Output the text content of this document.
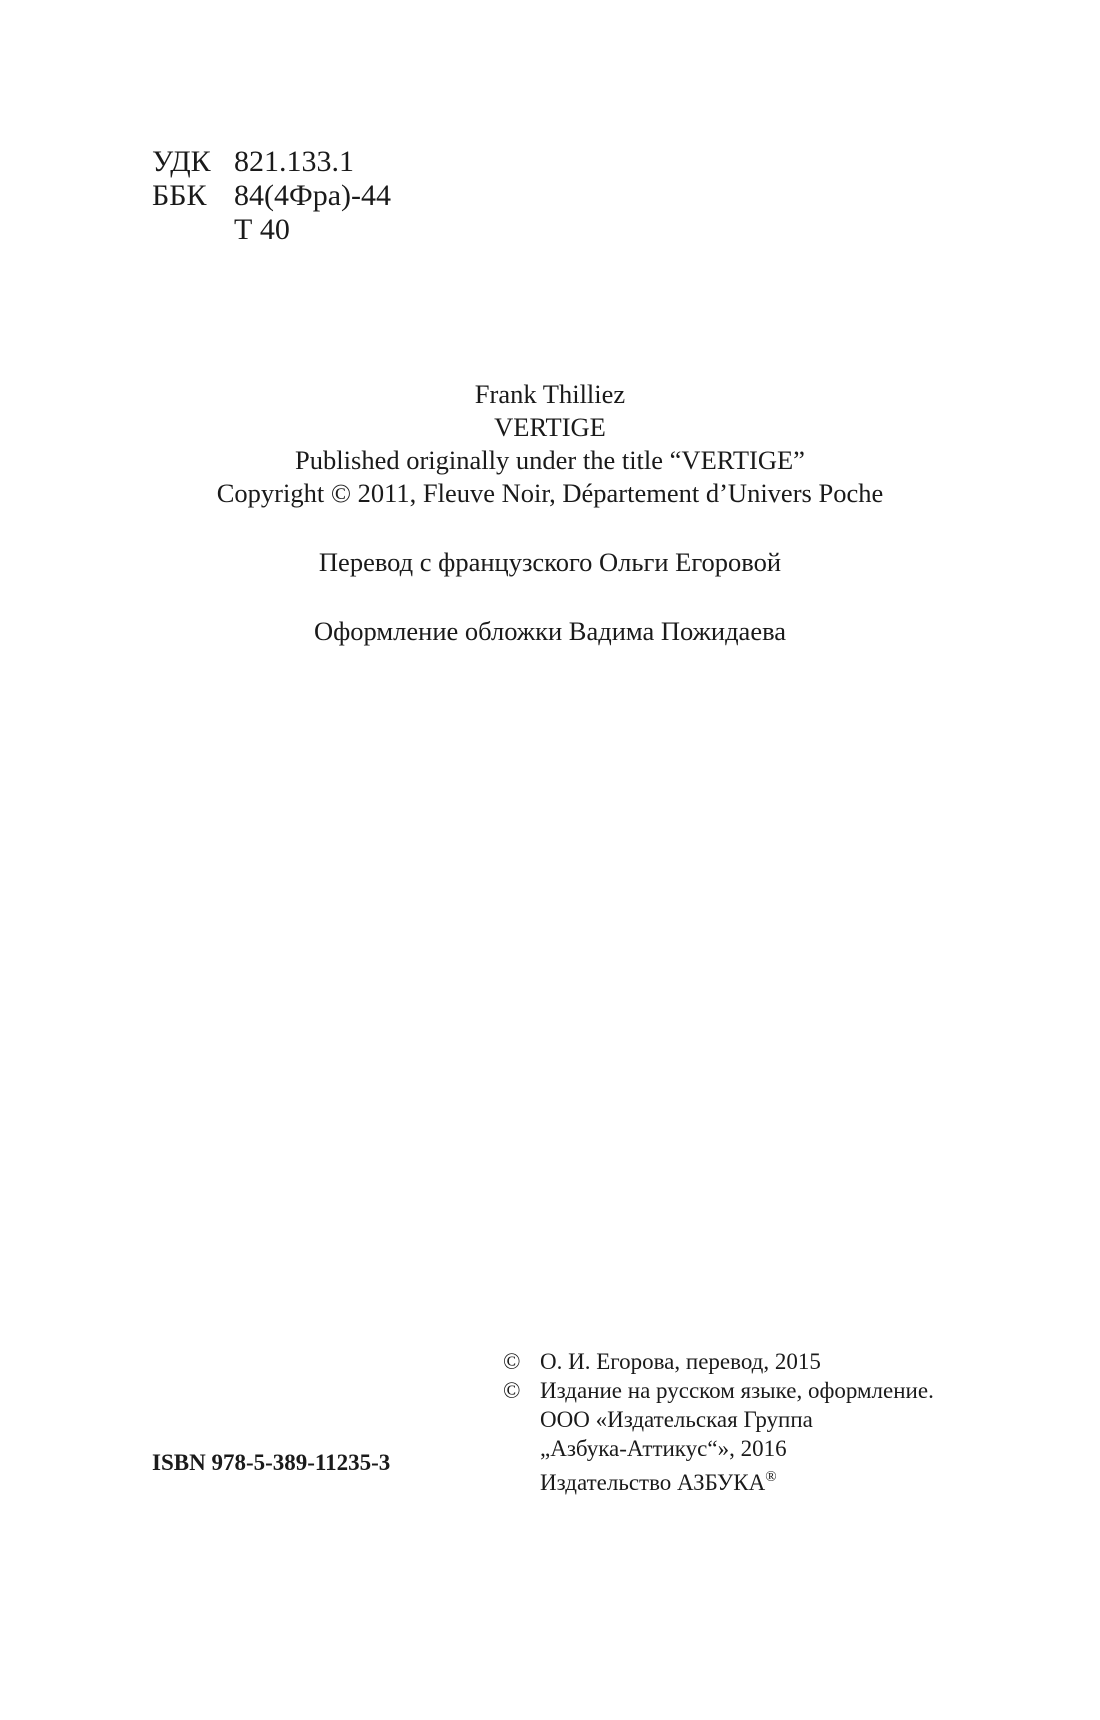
УДК 821.133.1
ББК 84(4Фра)-44
Т 40
Frank Thilliez
VERTIGE
Published originally under the title “VERTIGE”
Copyright © 2011, Fleuve Noir, Département d’Univers Poche
Перевод с французского Ольги Егоровой
Оформление обложки Вадима Пожидаева
© О. И. Егорова, перевод, 2015
© Издание на русском языке, оформление.
ООО «Издательская Группа
„Азбука-Аттикус“», 2016
Издательство АЗБУКА®
ISBN 978-5-389-11235-3
